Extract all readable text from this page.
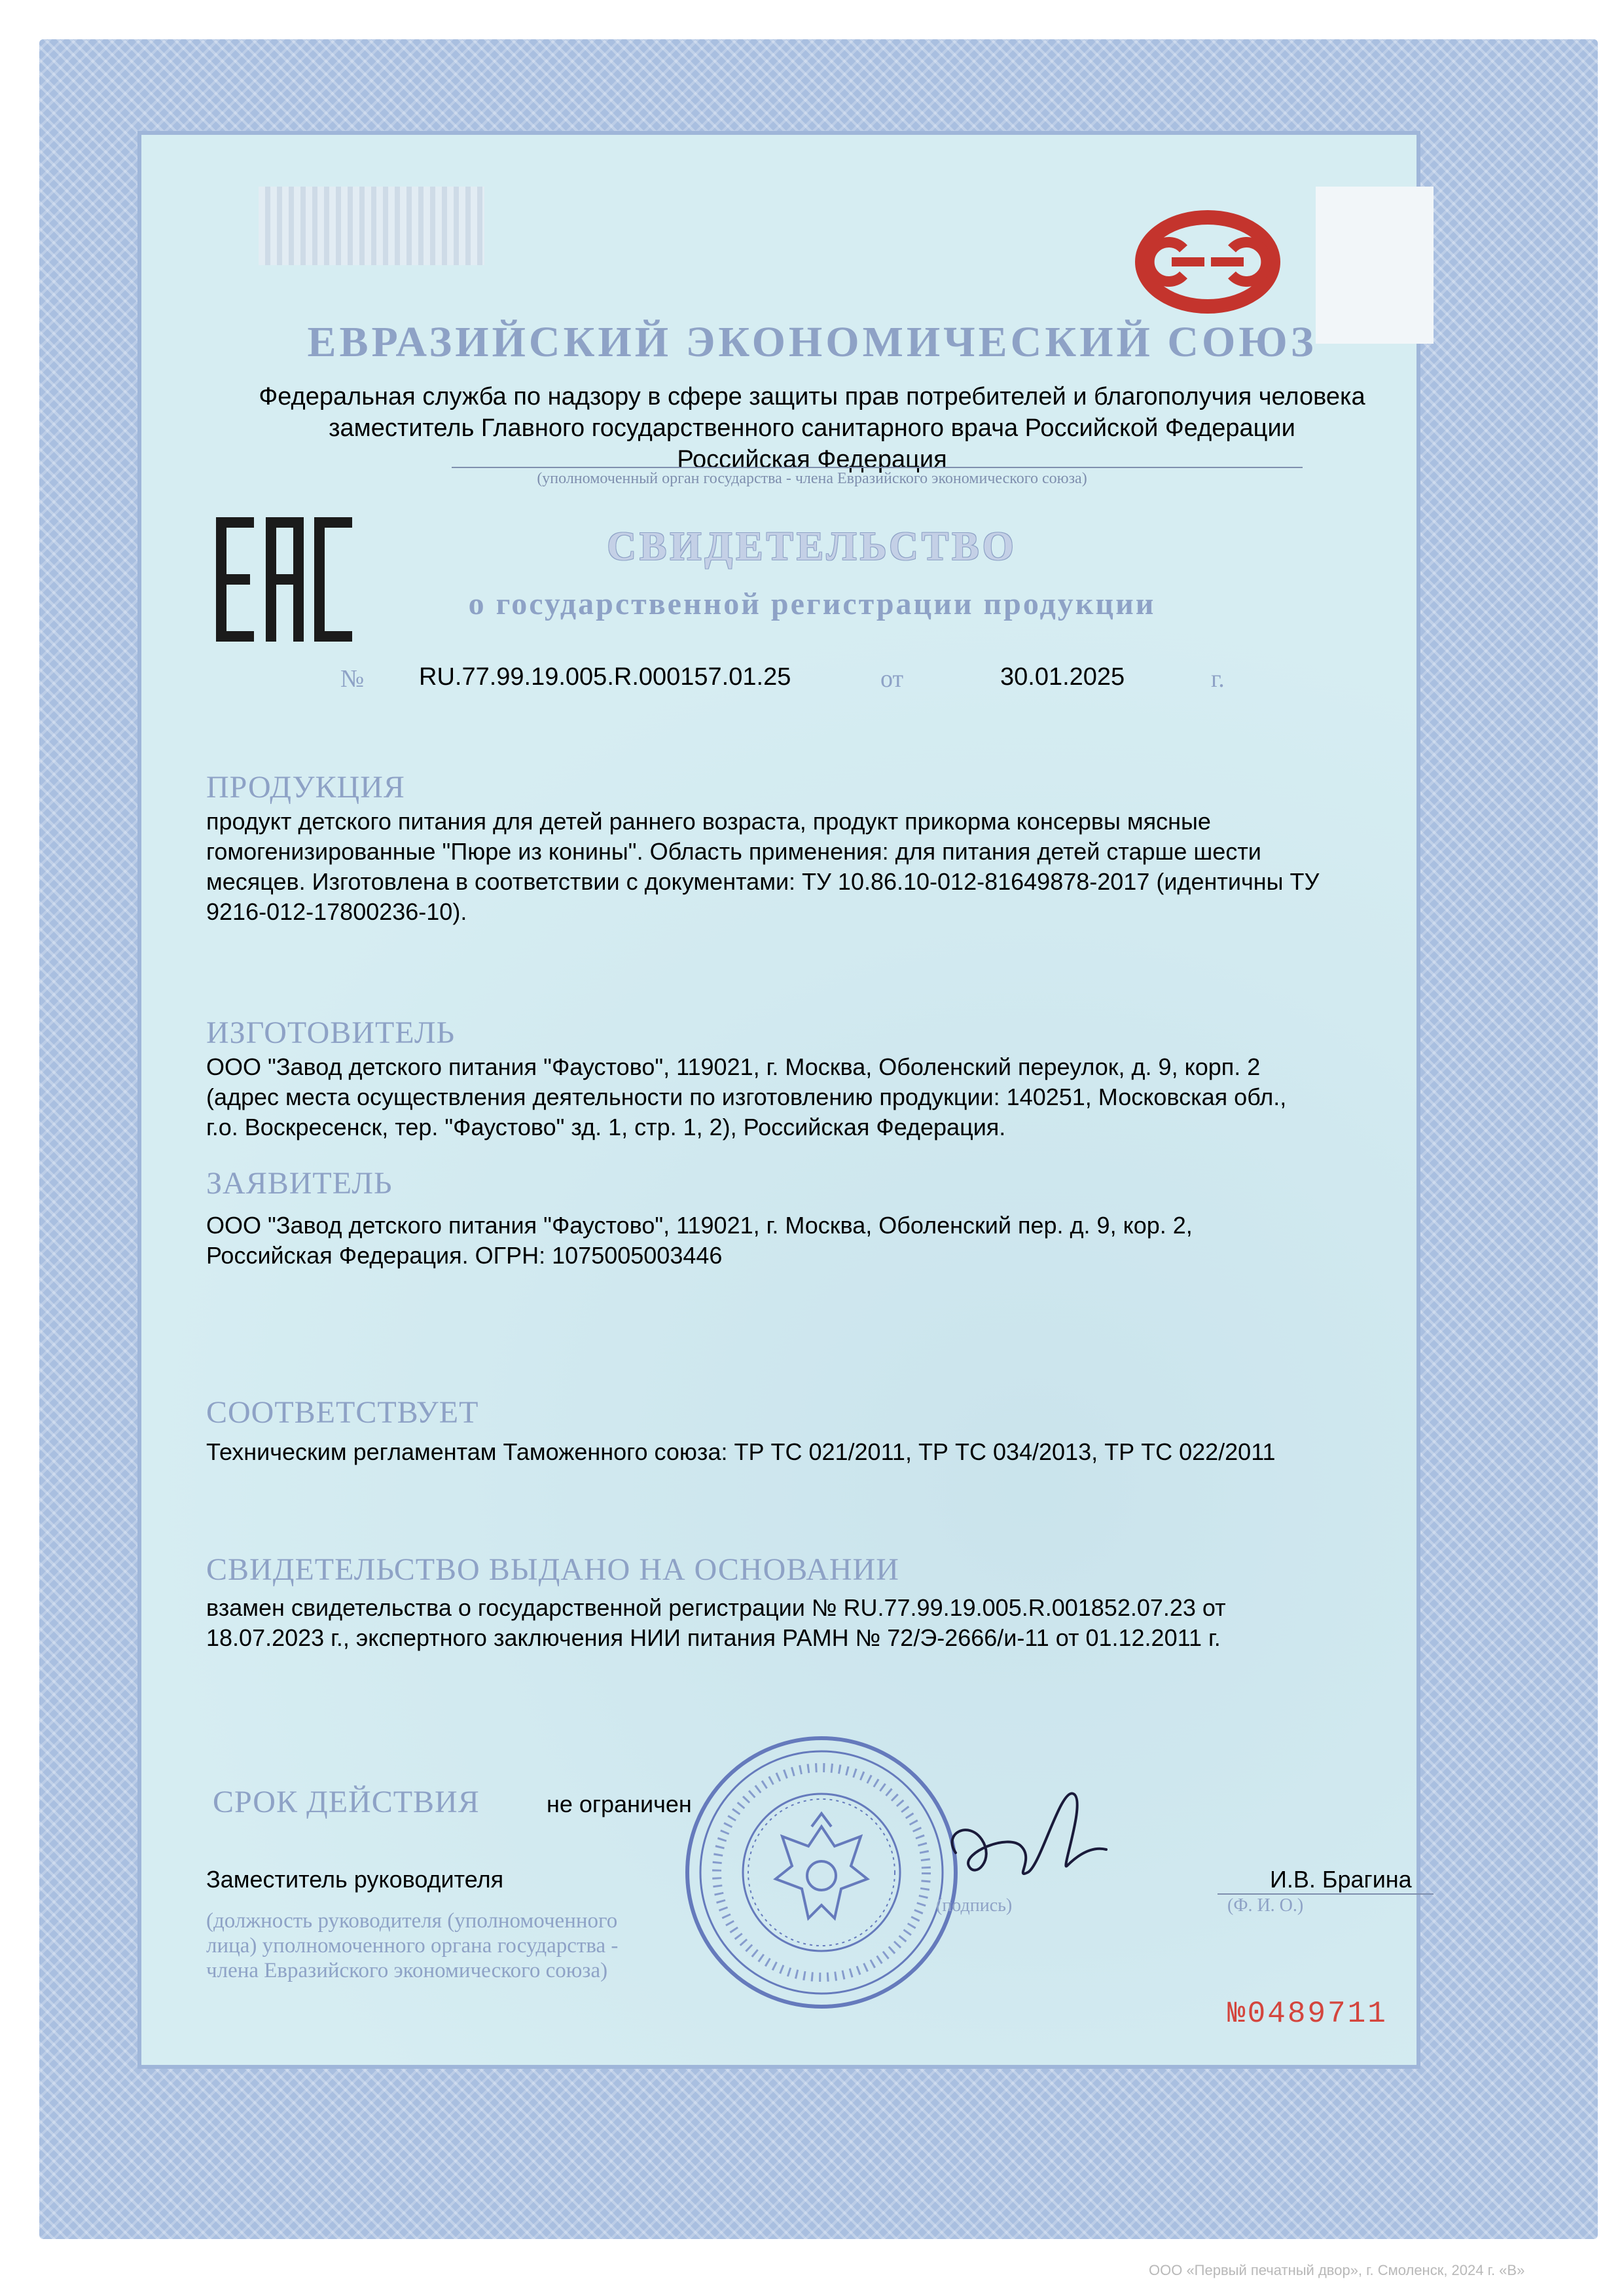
ЕВРАЗИЙСКИЙ ЭКОНОМИЧЕСКИЙ СОЮЗ
Федеральная служба по надзору в сфере защиты прав потребителей и благополучия человека
заместитель Главного государственного санитарного врача Российской Федерации
Российская Федерация
(уполномоченный орган государства - члена Евразийского экономического союза)
СВИДЕТЕЛЬСТВО
о государственной регистрации продукции
№ RU.77.99.19.005.R.000157.01.25	от	30.01.2025	г.
ПРОДУКЦИЯ
продукт детского питания для детей раннего возраста, продукт прикорма консервы мясные
гомогенизированные "Пюре из конины". Область применения: для питания детей старше шести
месяцев. Изготовлена в соответствии с документами: ТУ 10.86.10-012-81649878-2017 (идентичны ТУ
9216-012-17800236-10).
ИЗГОТОВИТЕЛЬ
ООО "Завод детского питания "Фаустово", 119021, г. Москва, Оболенский переулок, д. 9, корп. 2
(адрес места осуществления деятельности по изготовлению продукции: 140251, Московская обл.,
г.о. Воскресенск, тер. "Фаустово" зд. 1, стр. 1, 2), Российская Федерация.
ЗАЯВИТЕЛЬ
ООО "Завод детского питания "Фаустово", 119021, г. Москва, Оболенский пер. д. 9, кор. 2,
Российская Федерация. ОГРН: 1075005003446
СООТВЕТСТВУЕТ
Техническим регламентам Таможенного союза: ТР ТС 021/2011, ТР ТС 034/2013, ТР ТС 022/2011
СВИДЕТЕЛЬСТВО ВЫДАНО НА ОСНОВАНИИ
взамен свидетельства о государственной регистрации № RU.77.99.19.005.R.001852.07.23 от
18.07.2023 г., экспертного заключения НИИ питания РАМН № 72/Э-2666/и-11 от 01.12.2011 г.
СРОК ДЕЙСТВИЯ	не ограничен
Заместитель руководителя	И.В. Брагина
(подпись)	(Ф. И. О.)
(должность руководителя (уполномоченного
лица) уполномоченного органа государства -
члена Евразийского экономического союза)
№0489711
ООО «Первый печатный двор», г. Смоленск, 2024 г. «В»
